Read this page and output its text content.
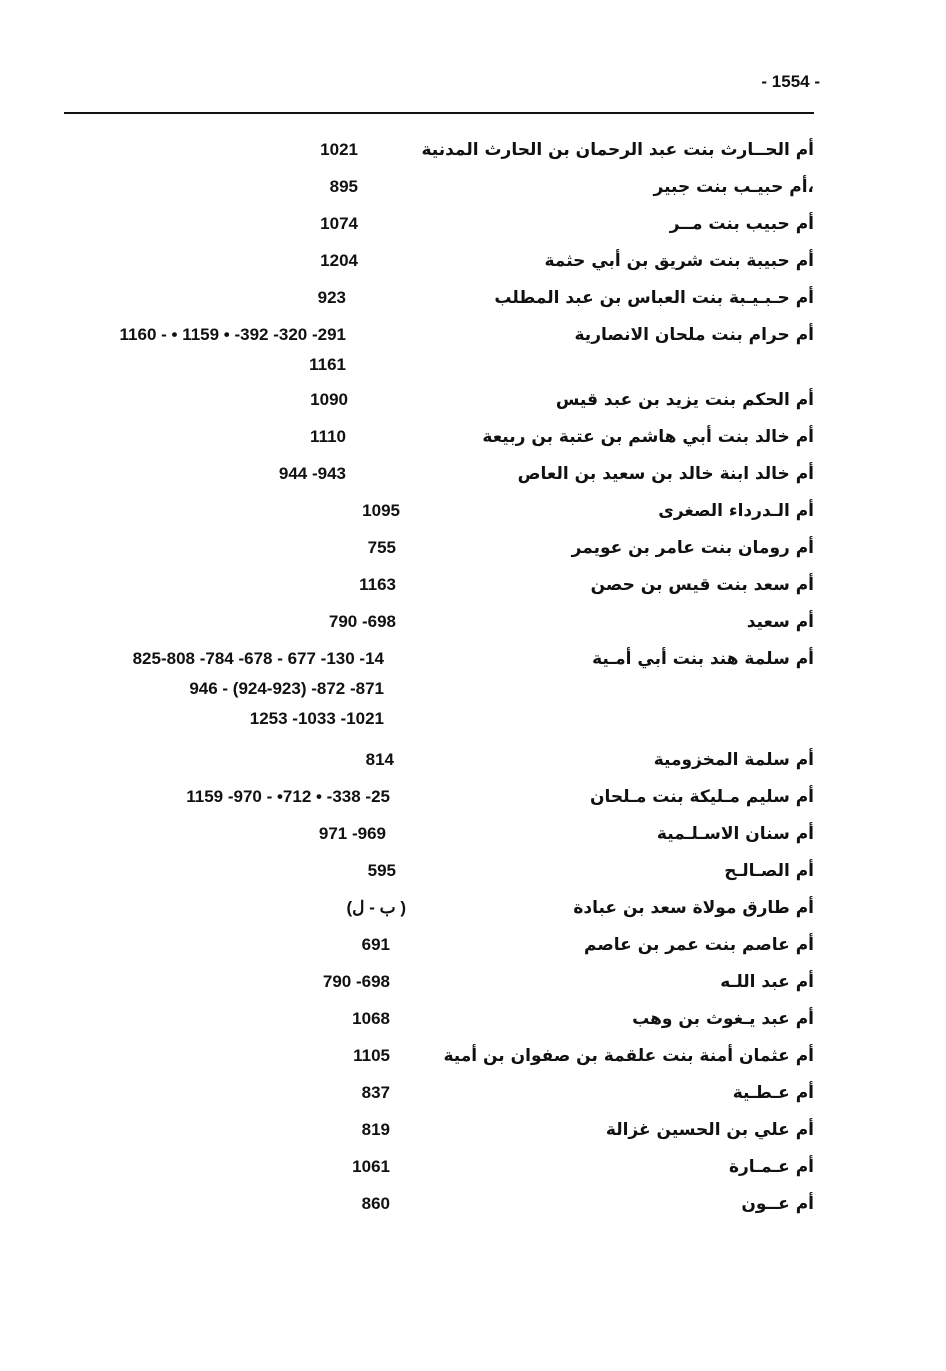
- 1554 -
أم الحــارث بنت عبد الرحمان بن الحارث المدنية
1021
،أم حبيـب بنت جبير
895
أم حبيب بنت مــر
1074
أم حبيبة بنت شريق بن أبي حثمة
1204
أم حـبـيـبة بنت العباس بن عبد المطلب
923
أم حرام بنت ملحان الانصارية
1160 - • 1159 • -392 -320 -291
1161
أم الحكم بنت يزيد بن عبد قيس
1090
أم خالد بنت أبي هاشم بن عتبة بن ربيعة
1110
أم خالد ابنة خالد بن سعيد بن العاص
944 -943
أم الـدرداء الصغرى
1095
أم رومان بنت عامر بن عويمر
755
أم سعد بنت قيس بن حصن
1163
أم سعيد
790 -698
أم سلمة هند بنت أبي أمـية
825-808 -784 -678 - 677 -130 -14
946 - (924-923) -872 -871
1253 -1033 -1021
أم سلمة المخزومية
814
أم سليم مـليكة بنت مـلحان
1159 -970 - •712 • -338 -25
أم سنان الاسـلـمية
971 -969
أم الصـالـح
595
أم طارق مولاة سعد بن عبادة
(ب - ل )
أم عاصم بنت عمر بن عاصم
691
أم عبد اللـه
790 -698
أم عبد يـغوث بن وهب
1068
أم عثمان أمنة بنت علقمة بن صفوان بن أمية
1105
أم عـطـية
837
أم علي بن الحسين غزالة
819
أم عـمـارة
1061
أم عــون
860
